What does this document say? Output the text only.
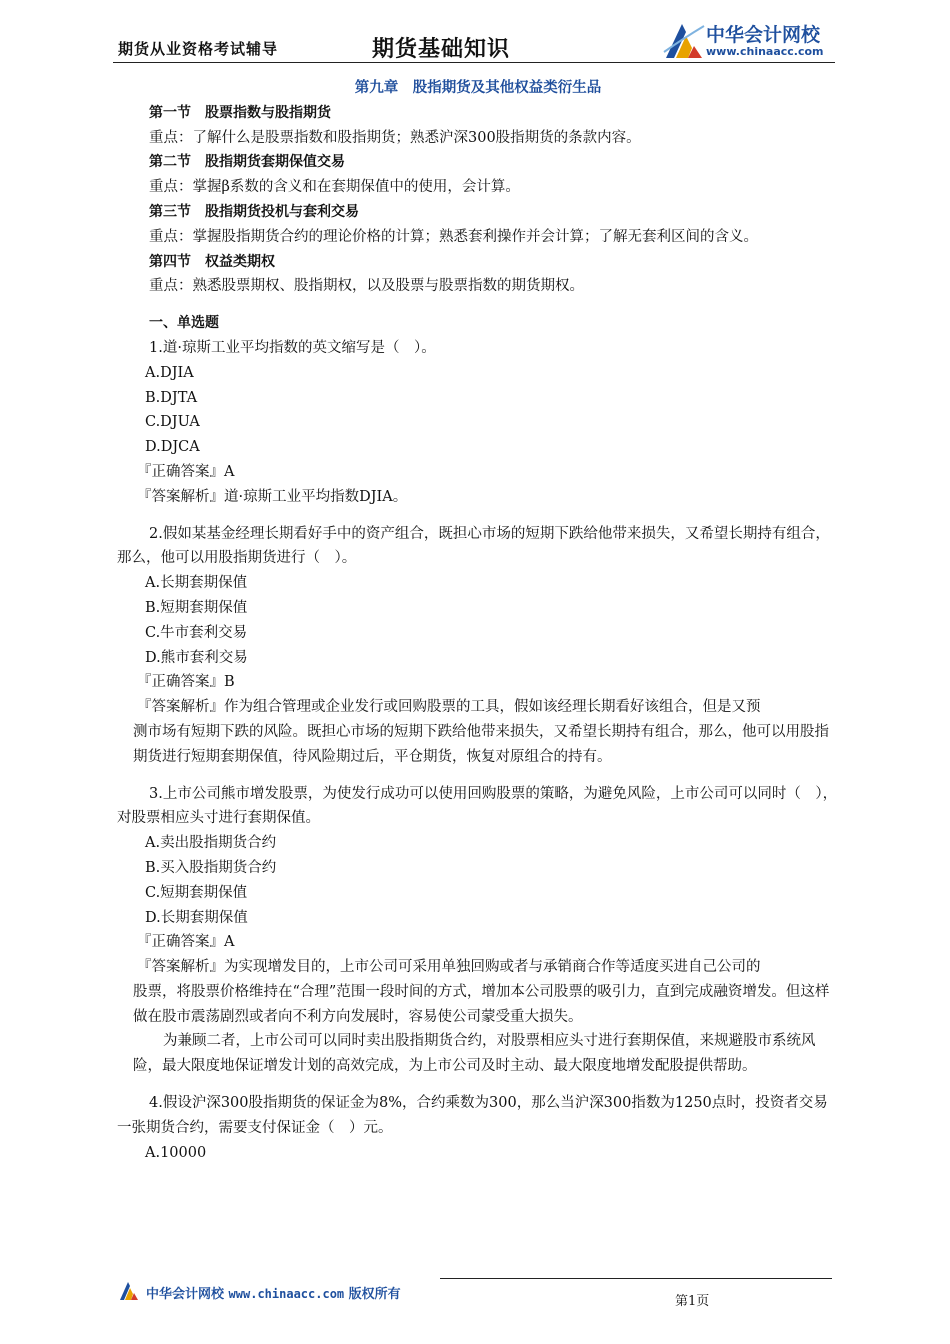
期货从业资格考试辅导	期货基础知识
中华会计网校
www.chinaacc.com

第九章　股指期货及其他权益类衍生品

第一节　股票指数与股指期货

重点：了解什么是股票指数和股指期货；熟悉沪深300股指期货的条款内容。

第二节　股指期货套期保值交易

重点：掌握β系数的含义和在套期保值中的使用，会计算。

第三节　股指期货投机与套利交易

重点：掌握股指期货合约的理论价格的计算；熟悉套利操作并会计算；了解无套利区间的含义。

第四节　权益类期权

重点：熟悉股票期权、股指期权，以及股票与股票指数的期货期权。

一、单选题

1.道·琼斯工业平均指数的英文缩写是（　）。

A.DJIA

B.DJTA

C.DJUA

D.DJCA

『正确答案』A

『答案解析』道·琼斯工业平均指数DJIA。

2.假如某基金经理长期看好手中的资产组合，既担心市场的短期下跌给他带来损失，又希望长期持有组合，那么，他可以用股指期货进行（　）。

A.长期套期保值

B.短期套期保值

C.牛市套利交易

D.熊市套利交易

『正确答案』B

『答案解析』作为组合管理或企业发行或回购股票的工具，假如该经理长期看好该组合，但是又预

测市场有短期下跌的风险。既担心市场的短期下跌给他带来损失，又希望长期持有组合，那么，他可以用股指期货进行短期套期保值，待风险期过后，平仓期货，恢复对原组合的持有。

3.上市公司熊市增发股票，为使发行成功可以使用回购股票的策略，为避免风险，上市公司可以同时（　），对股票相应头寸进行套期保值。

A.卖出股指期货合约

B.买入股指期货合约

C.短期套期保值

D.长期套期保值

『正确答案』A

『答案解析』为实现增发目的，上市公司可采用单独回购或者与承销商合作等适度买进自己公司的

股票，将股票价格维持在“合理”范围一段时间的方式，增加本公司股票的吸引力，直到完成融资增发。但这样做在股市震荡剧烈或者向不利方向发展时，容易使公司蒙受重大损失。

为兼顾二者，上市公司可以同时卖出股指期货合约，对股票相应头寸进行套期保值，来规避股市系统风险，最大限度地保证增发计划的高效完成，为上市公司及时主动、最大限度地增发配股提供帮助。

4.假设沪深300股指期货的保证金为8%，合约乘数为300，那么当沪深300指数为1250点时，投资者交易一张期货合约，需要支付保证金（　）元。

A.10000

中华会计网校 www.chinaacc.com 版权所有	第1页
